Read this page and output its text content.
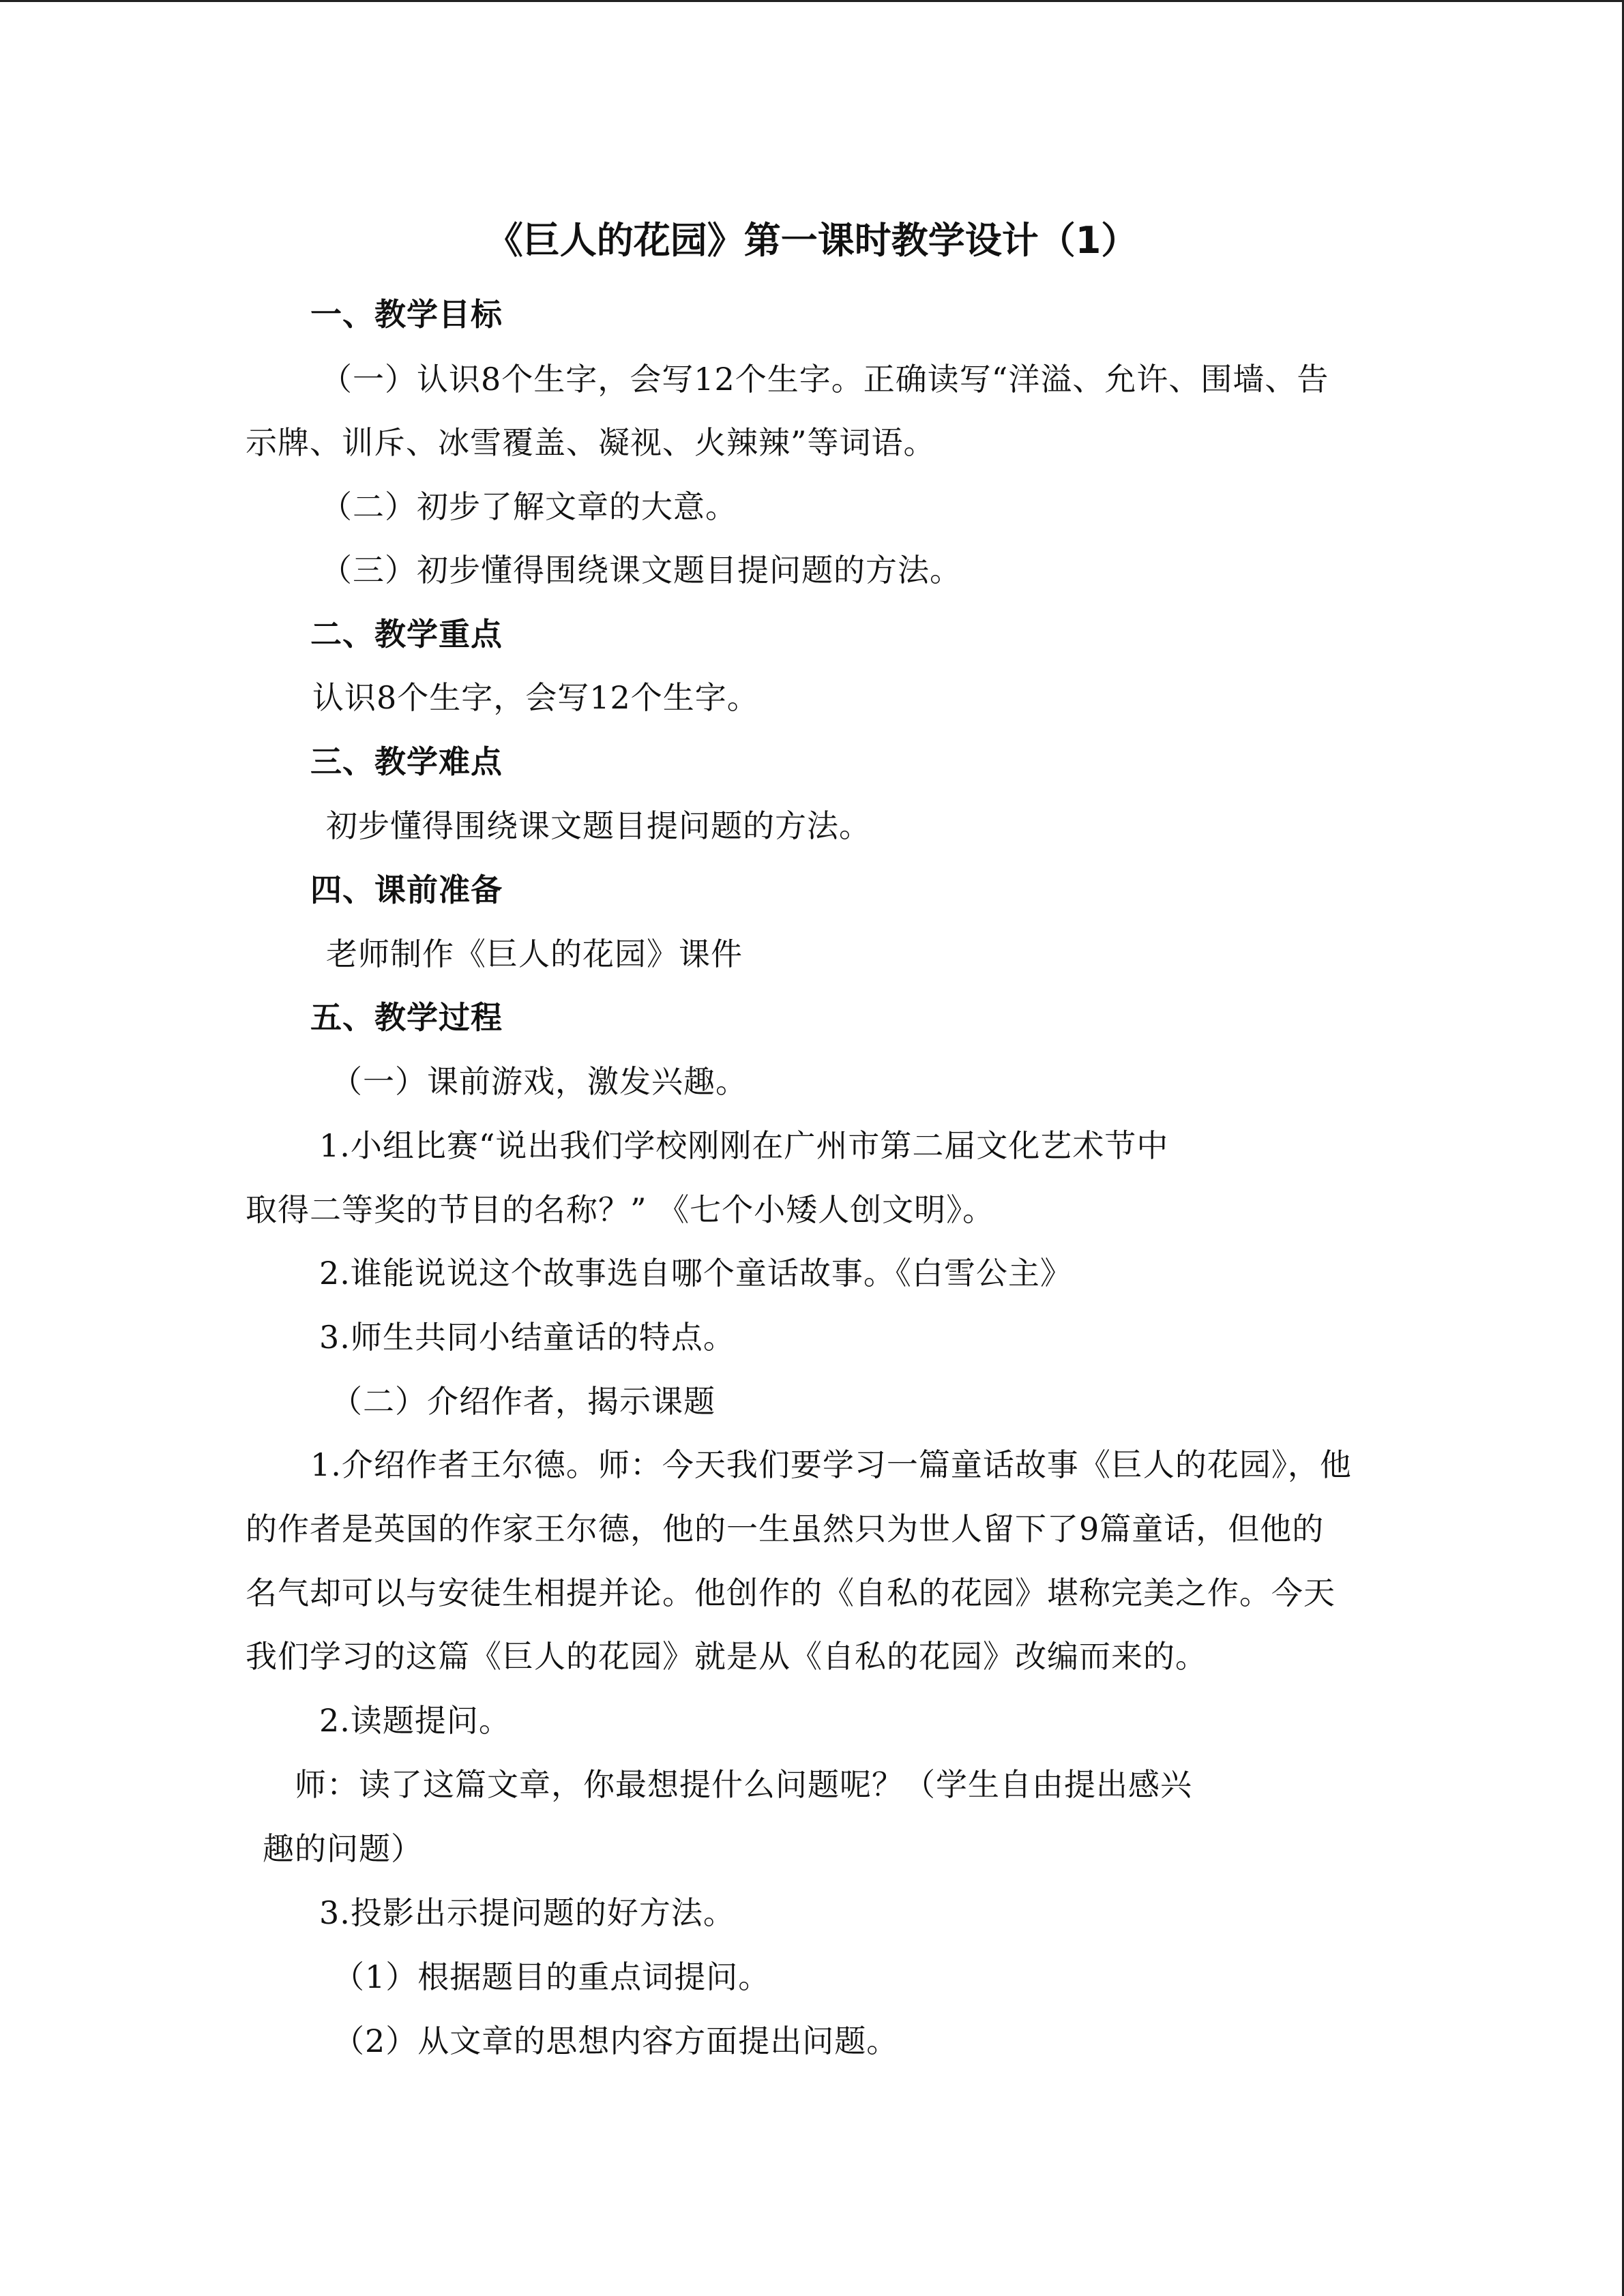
《巨人的花园》第一课时教学设计（1）
一、教学目标
（一）认识8个生字，会写12个生字。正确读写“洋溢、允许、围墙、告
示牌、训斥、冰雪覆盖、凝视、火辣辣”等词语。
（二）初步了解文章的大意。
（三）初步懂得围绕课文题目提问题的方法。
二、教学重点
认识8个生字，会写12个生字。
三、教学难点
初步懂得围绕课文题目提问题的方法。
四、课前准备
老师制作《巨人的花园》课件
五、教学过程
（一）课前游戏，激发兴趣。
1.小组比赛“说出我们学校刚刚在广州市第二届文化艺术节中
取得二等奖的节目的名称？” 《七个小矮人创文明》。
2.谁能说说这个故事选自哪个童话故事。《白雪公主》
3.师生共同小结童话的特点。
（二）介绍作者，揭示课题
1.介绍作者王尔德。师：今天我们要学习一篇童话故事《巨人的花园》，他
的作者是英国的作家王尔德，他的一生虽然只为世人留下了9篇童话，但他的
名气却可以与安徒生相提并论。他创作的《自私的花园》堪称完美之作。今天
我们学习的这篇《巨人的花园》就是从《自私的花园》改编而来的。
2.读题提问。
师：读了这篇文章，你最想提什么问题呢？（学生自由提出感兴
趣的问题）
3.投影出示提问题的好方法。
（1）根据题目的重点词提问。
（2）从文章的思想内容方面提出问题。
